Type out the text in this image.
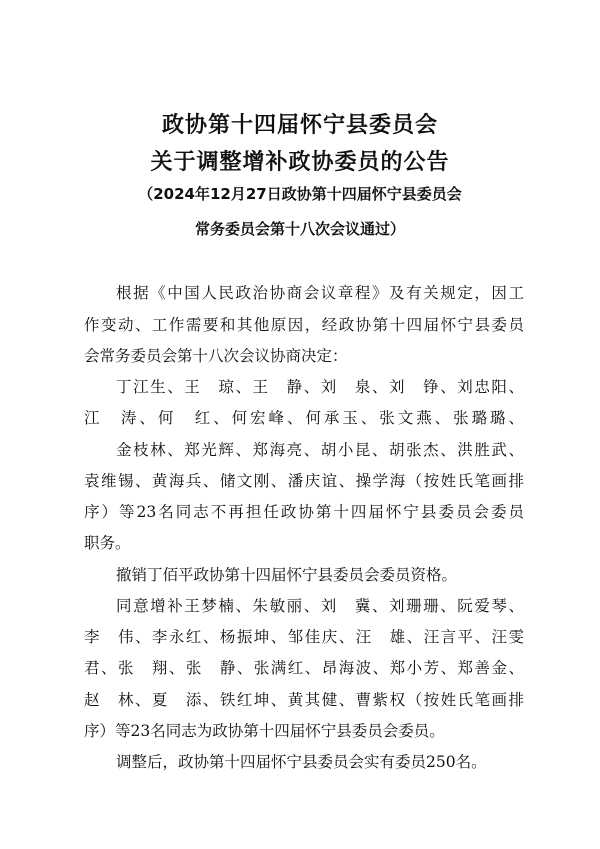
政协第十四届怀宁县委员会
关于调整增补政协委员的公告
（2024年12月27日政协第十四届怀宁县委员会
常务委员会第十八次会议通过）
根据《中国人民政治协商会议章程》及有关规定，因工
作变动、工作需要和其他原因，经政协第十四届怀宁县委员
会常务委员会第十八次会议协商决定：
丁江生、王　琼、王　静、刘　泉、刘　铮、刘忠阳、
江　涛、何　红、何宏峰、何承玉、张文燕、张璐璐、
金枝林、郑光辉、郑海亮、胡小昆、胡张杰、洪胜武、
袁维锡、黄海兵、储文刚、潘庆谊、操学海（按姓氏笔画排
序）等23名同志不再担任政协第十四届怀宁县委员会委员
职务。
撤销丁佰平政协第十四届怀宁县委员会委员资格。
同意增补王梦楠、朱敏丽、刘　冀、刘珊珊、阮爱琴、
李　伟、李永红、杨振坤、邹佳庆、汪　雄、汪言平、汪雯
君、张　翔、张　静、张满红、昂海波、郑小芳、郑善金、
赵　林、夏　添、铁红坤、黄其健、曹紫权（按姓氏笔画排
序）等23名同志为政协第十四届怀宁县委员会委员。
调整后，政协第十四届怀宁县委员会实有委员250名。
